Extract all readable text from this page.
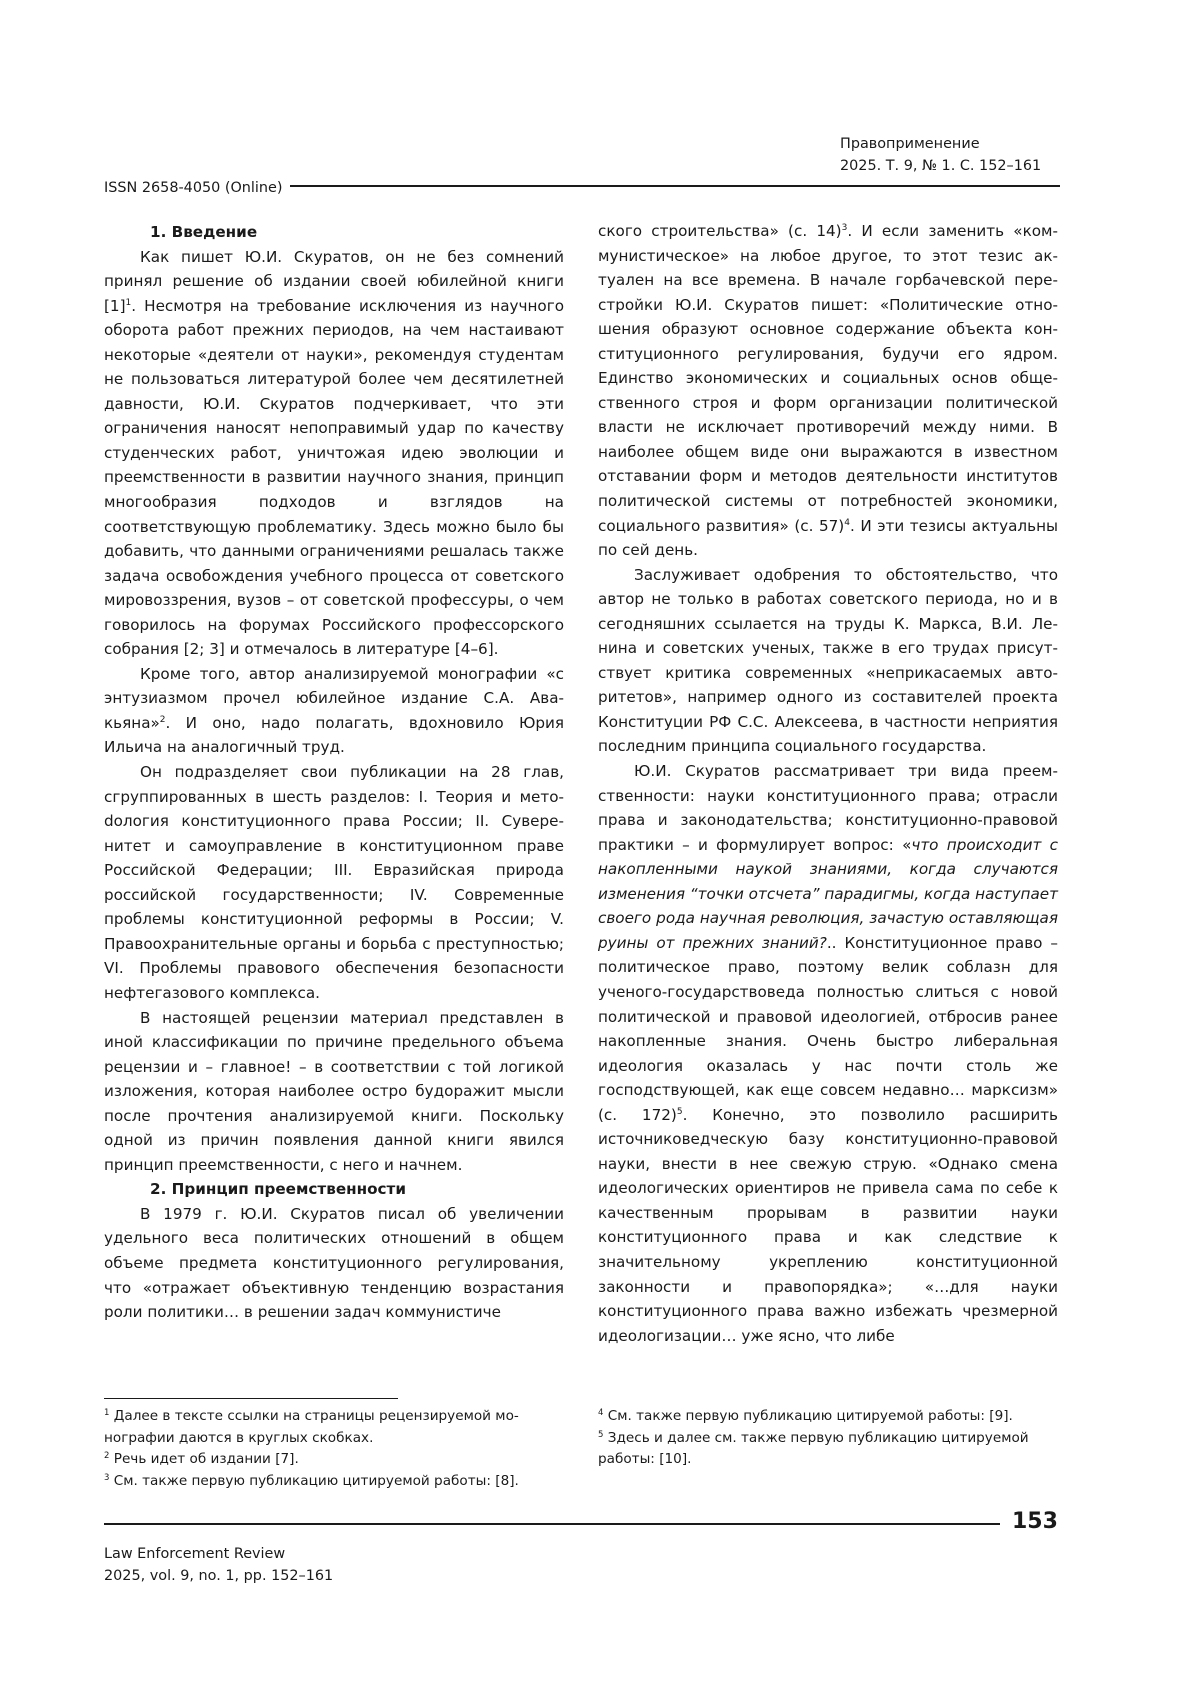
Правоприменение
2025. Т. 9, № 1. С. 152–161
ISSN 2658-4050 (Online)
1. Введение

Как пишет Ю.И. Скуратов, он не без сомнений принял решение об издании своей юбилейной книги $[1]^1$. Несмотря на требование исключения из научного оборота работ прежних периодов, на чем настаивают некоторые «деятели от науки», рекомендуя студентам не пользоваться литературой более чем десятилетней давности, Ю.И. Скуратов подчеркивает, что эти ограничения наносят непоправимый удар по качеству студенческих работ, уничтожая идею эволюции и преемственности в развитии научного знания, принцип многообразия подходов и взглядов на соответствующую проблематику. Здесь можно было бы добавить, что данными ограничениями решалась также задача освобождения учебного процесса от советского мировоззрения, вузов – от советской профессуры, о чем говорилось на форумах Российского профессорского собрания [2; 3] и отмечалось в литературе [4–6].

Кроме того, автор анализируемой монографии «с энтузиазмом прочел юбилейное издание С.А. Авакьяна»$^2$. И оно, надо полагать, вдохновило Юрия Ильича на аналогичный труд.

Он подразделяет свои публикации на 28 глав, сгруппированных в шесть разделов: I. Теория и метоdология конституционного права России; II. Суверенитет и самоуправление в конституционном праве Российской Федерации; III. Евразийская природа российской государственности; IV. Современные проблемы конституционной реформы в России; V. Правоохранительные органы и борьба с преступностью; VI. Проблемы правового обеспечения безопасности нефтегазового комплекса.

В настоящей рецензии материал представлен в иной классификации по причине предельного объема рецензии и – главное! – в соответствии с той логикой изложения, которая наиболее остро будоражит мысли после прочтения анализируемой книги. Поскольку одной из причин появления данной книги явился принцип преемственности, с него и начнем.

2. Принцип преемственности

В 1979 г. Ю.И. Скуратов писал об увеличении удельного веса политических отношений в общем объеме предмета конституционного регулирования, что «отражает объективную тенденцию возрастания роли политики… в решении задач коммунистиче

ского строительства» (с. 14)$^3$. И если заменить «коммунистическое» на любое другое, то этот тезис актуален на все времена. В начале горбачевской перестройки Ю.И. Скуратов пишет: «Политические отношения образуют основное содержание объекта конституционного регулирования, будучи его ядром. Единство экономических и социальных основ общественного строя и форм организации политической власти не исключает противоречий между ними. В наиболее общем виде они выражаются в известном отставании форм и методов деятельности институтов политической системы от потребностей экономики, социального развития» (с. 57)$^4$. И эти тезисы актуальны по сей день.

Заслуживает одобрения то обстоятельство, что автор не только в работах советского периода, но и в сегодняшних ссылается на труды К. Маркса, В.И. Ленина и советских ученых, также в его трудах присутствует критика современных «неприкасаемых авторитетов», например одного из составителей проекта Конституции РФ С.С. Алексеева, в частности неприятия последним принципа социального государства.

Ю.И. Скуратов рассматривает три вида преемственности: науки конституционного права; отрасли права и законодательства; конституционно-правовой практики – и формулирует вопрос: «что происходит с накопленными наукой знаниями, когда случаются изменения “точки отсчета” парадигмы, когда наступает своего рода научная революция, зачастую оставляющая руины от прежних знаний?.. Конституционное право – политическое право, поэтому велик соблазн для ученого-государствоведа полностью слиться с новой политической и правовой идеологией, отбросив ранее накопленные знания. Очень быстро либеральная идеология оказалась у нас почти столь же господствующей, как еще совсем недавно… марксизм» (с. 172)$^5$. Конечно, это позволило расширить источниковедческую базу конституционно-правовой науки, внести в нее свежую струю. «Однако смена идеологических ориентиров не привела сама по себе к качественным прорывам в развитии науки конституционного права и как следствие к значительному укреплению конституционной законности и правопорядка»; «…для науки конституционного права важно избежать чрезмерной идеологизации… уже ясно, что либе

$^1$ Далее в тексте ссылки на страницы рецензируемой монографии даются в круглых скобках.
$^2$ Речь идет об издании [7].
$^3$ См. также первую публикацию цитируемой работы: [8].
$^4$ См. также первую публикацию цитируемой работы: [9].
$^5$ Здесь и далее см. также первую публикацию цитируемой работы: [10].
153
Law Enforcement Review
2025, vol. 9, no. 1, pp. 152–161
